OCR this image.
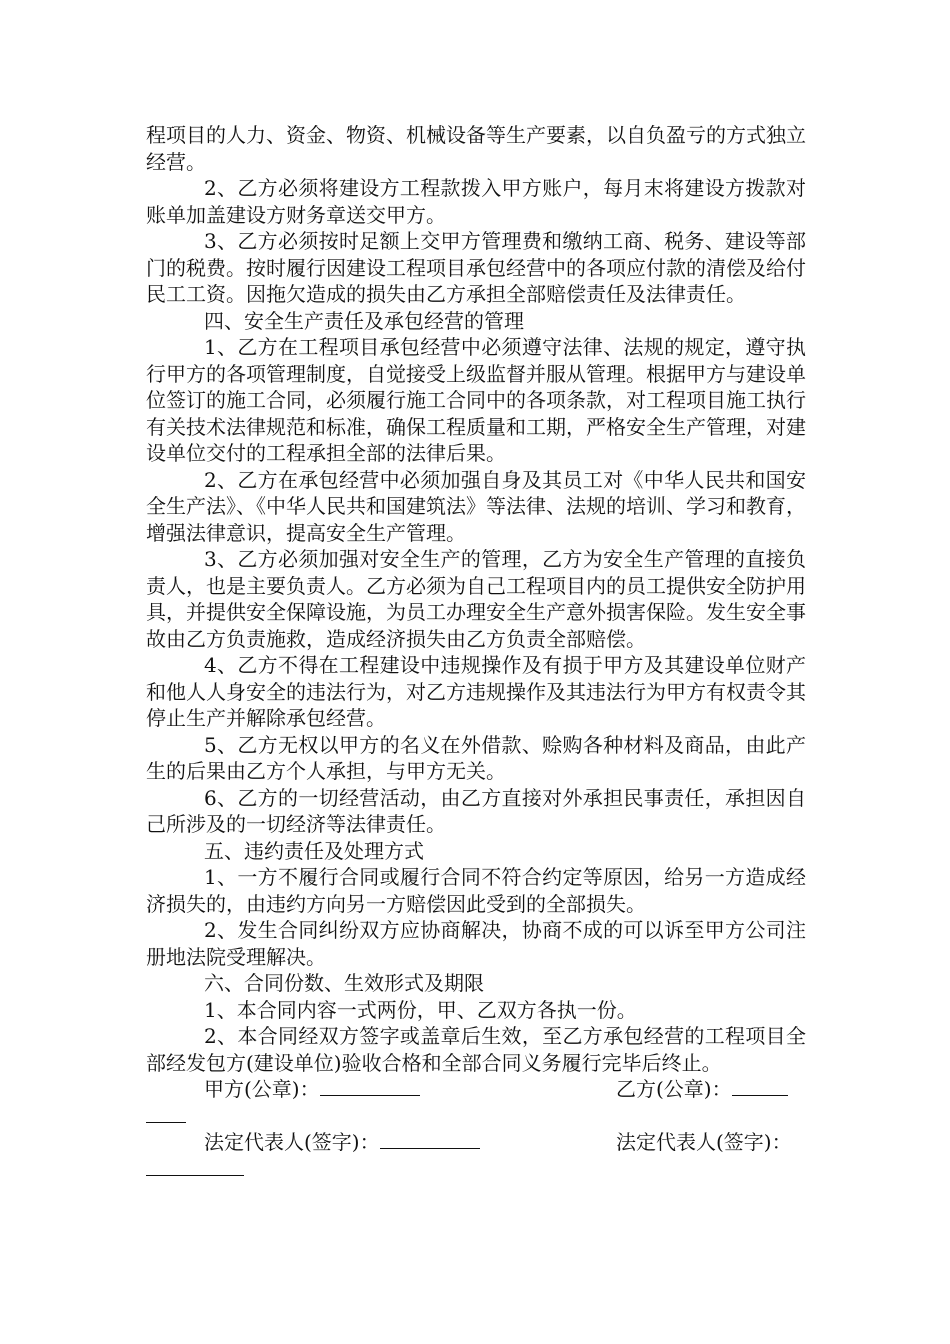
程项目的人力、资金、物资、机械设备等生产要素，以自负盈亏的方式独立经营。

2、乙方必须将建设方工程款拨入甲方账户，每月末将建设方拨款对账单加盖建设方财务章送交甲方。

3、乙方必须按时足额上交甲方管理费和缴纳工商、税务、建设等部门的税费。按时履行因建设工程项目承包经营中的各项应付款的清偿及给付民工工资。因拖欠造成的损失由乙方承担全部赔偿责任及法律责任。

四、安全生产责任及承包经营的管理

1、乙方在工程项目承包经营中必须遵守法律、法规的规定，遵守执行甲方的各项管理制度，自觉接受上级监督并服从管理。根据甲方与建设单位签订的施工合同，必须履行施工合同中的各项条款，对工程项目施工执行有关技术法律规范和标准，确保工程质量和工期，严格安全生产管理，对建设单位交付的工程承担全部的法律后果。

2、乙方在承包经营中必须加强自身及其员工对《中华人民共和国安全生产法》、《中华人民共和国建筑法》等法律、法规的培训、学习和教育，增强法律意识，提高安全生产管理。

3、乙方必须加强对安全生产的管理，乙方为安全生产管理的直接负责人，也是主要负责人。乙方必须为自己工程项目内的员工提供安全防护用具，并提供安全保障设施，为员工办理安全生产意外损害保险。发生安全事故由乙方负责施救，造成经济损失由乙方负责全部赔偿。

4、乙方不得在工程建设中违规操作及有损于甲方及其建设单位财产和他人人身安全的违法行为，对乙方违规操作及其违法行为甲方有权责令其停止生产并解除承包经营。

5、乙方无权以甲方的名义在外借款、赊购各种材料及商品，由此产生的后果由乙方个人承担，与甲方无关。

6、乙方的一切经营活动，由乙方直接对外承担民事责任，承担因自己所涉及的一切经济等法律责任。

五、违约责任及处理方式

1、一方不履行合同或履行合同不符合约定等原因，给另一方造成经济损失的，由违约方向另一方赔偿因此受到的全部损失。

2、发生合同纠纷双方应协商解决，协商不成的可以诉至甲方公司注册地法院受理解决。

六、合同份数、生效形式及期限

1、本合同内容一式两份，甲、乙双方各执一份。

2、本合同经双方签字或盖章后生效，至乙方承包经营的工程项目全部经发包方(建设单位)验收合格和全部合同义务履行完毕后终止。

甲方(公章)：	乙方(公章)：

法定代表人(签字)：	法定代表人(签字)：
